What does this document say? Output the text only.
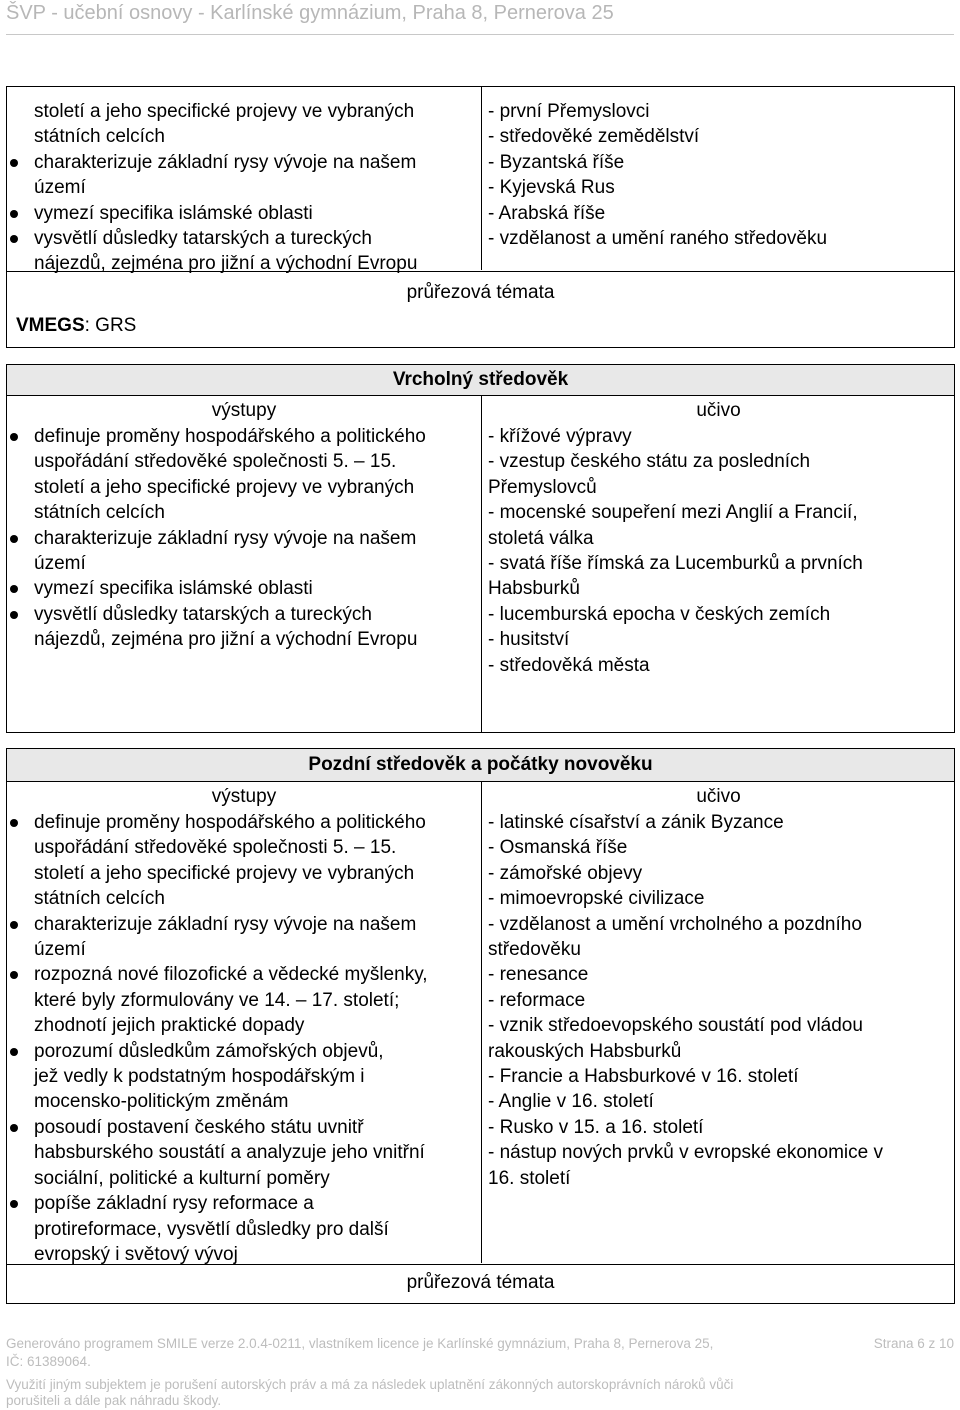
ŠVP - učební osnovy - Karlínské gymnázium, Praha 8, Pernerova 25
století a jeho specifické projevy ve vybraných
státních celcích
charakterizuje základní rysy vývoje na našem
území
vymezí specifika islámské oblasti
vysvětlí důsledky tatarských a tureckých
nájezdů, zejména pro jižní a východní Evropu
- první Přemyslovci
- středověké zemědělství
- Byzantská říše
- Kyjevská Rus
- Arabská říše
- vzdělanost a umění raného středověku
průřezová témata
VMEGS: GRS
Vrcholný středověk
výstupy	učivo
definuje proměny hospodářského a politického
uspořádání středověké společnosti 5. – 15.
století a jeho specifické projevy ve vybraných
státních celcích
charakterizuje základní rysy vývoje na našem
území
vymezí specifika islámské oblasti
vysvětlí důsledky tatarských a tureckých
nájezdů, zejména pro jižní a východní Evropu
- křížové výpravy
- vzestup českého státu za posledních
Přemyslovců
- mocenské soupeření mezi Anglií a Francií,
stoletá válka
- svatá říše římská za Lucemburků a prvních
Habsburků
- lucemburská epocha v českých zemích
- husitství
- středověká města
Pozdní středověk a počátky novověku
výstupy	učivo
definuje proměny hospodářského a politického
uspořádání středověké společnosti 5. – 15.
století a jeho specifické projevy ve vybraných
státních celcích
charakterizuje základní rysy vývoje na našem
území
rozpozná nové filozofické a vědecké myšlenky,
které byly zformulovány ve 14. – 17. století;
zhodnotí jejich praktické dopady
porozumí důsledkům zámořských objevů,
jež vedly k podstatným hospodářským i
mocensko-politickým změnám
posoudí postavení českého státu uvnitř
habsburského soustátí a analyzuje jeho vnitřní
sociální, politické a kulturní poměry
popíše základní rysy reformace a
protireformace, vysvětlí důsledky pro další
evropský i světový vývoj
- latinské císařství a zánik Byzance
- Osmanská říše
- zámořské objevy
- mimoevropské civilizace
- vzdělanost a umění vrcholného a pozdního
středověku
- renesance
- reformace
- vznik středoevopského soustátí pod vládou
rakouských Habsburků
- Francie a Habsburkové v 16. století
- Anglie v 16. století
- Rusko v 15. a 16. století
- nástup nových prvků v evropské ekonomice v
16. století
průřezová témata
Generováno programem SMILE verze 2.0.4-0211, vlastníkem licence je Karlínské gymnázium, Praha 8, Pernerova 25,
IČ: 61389064.
Strana 6 z 10
Využití jiným subjektem je porušení autorských práv a má za následek uplatnění zákonných autorskoprávních nároků vůči
porušiteli a dále pak náhradu škody.
